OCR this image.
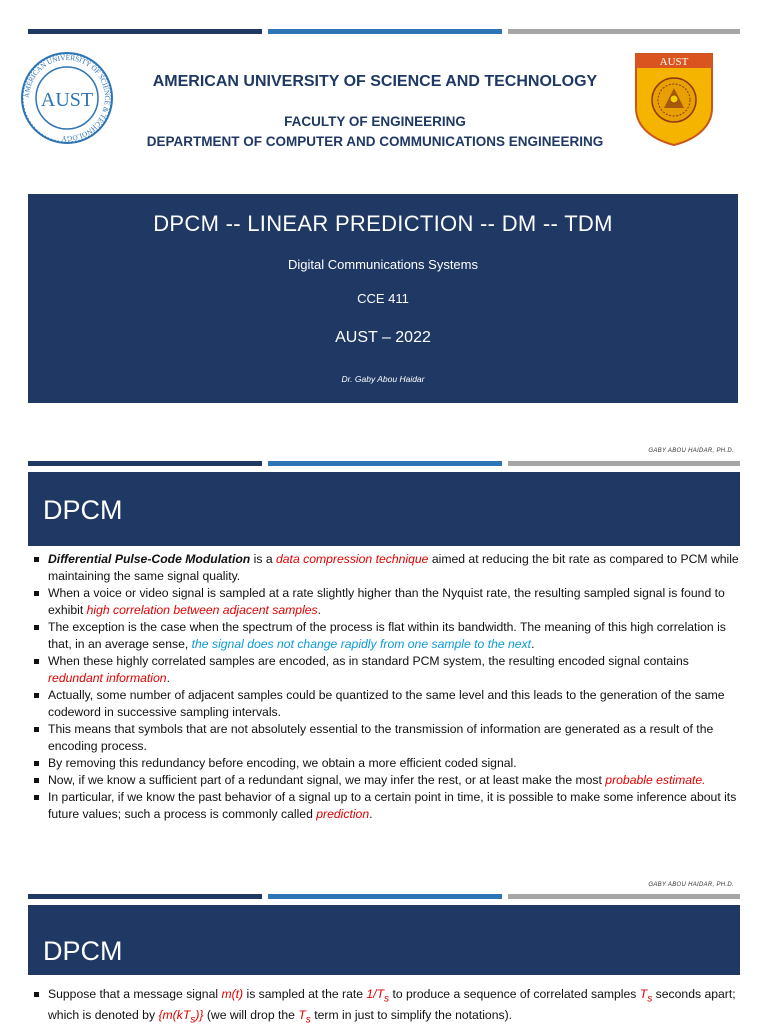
AMERICAN UNIVERSITY OF SCIENCE & TECHNOLOGY
AUST
AUST
AMERICAN UNIVERSITY OF SCIENCE AND TECHNOLOGY
FACULTY OF ENGINEERING
DEPARTMENT OF COMPUTER AND COMMUNICATIONS ENGINEERING
DPCM -- LINEAR PREDICTION -- DM -- TDM
Digital Communications Systems
CCE 411
AUST – 2022
Dr. Gaby Abou Haidar
GABY ABOU HAIDAR, PH.D.
DPCM
Differential Pulse-Code Modulation is a data compression technique aimed at reducing the bit rate as compared to PCM while maintaining the same signal quality.
When a voice or video signal is sampled at a rate slightly higher than the Nyquist rate, the resulting sampled signal is found to exhibit high correlation between adjacent samples.
The exception is the case when the spectrum of the process is flat within its bandwidth. The meaning of this high correlation is that, in an average sense, the signal does not change rapidly from one sample to the next.
When these highly correlated samples are encoded, as in standard PCM system, the resulting encoded signal contains redundant information.
Actually, some number of adjacent samples could be quantized to the same level and this leads to the generation of the same codeword in successive sampling intervals.
This means that symbols that are not absolutely essential to the transmission of information are generated as a result of the encoding process.
By removing this redundancy before encoding, we obtain a more efficient coded signal.
Now, if we know a sufficient part of a redundant signal, we may infer the rest, or at least make the most probable estimate.
In particular, if we know the past behavior of a signal up to a certain point in time, it is possible to make some inference about its future values; such a process is commonly called prediction.
GABY ABOU HAIDAR, PH.D.
DPCM
Suppose that a message signal m(t) is sampled at the rate $1/T_s$ to produce a sequence of correlated samples $T_s$ seconds apart; which is denoted by $\{m(kT_s)\}$ (we will drop the $T_s$ term in just to simplify the notations).
